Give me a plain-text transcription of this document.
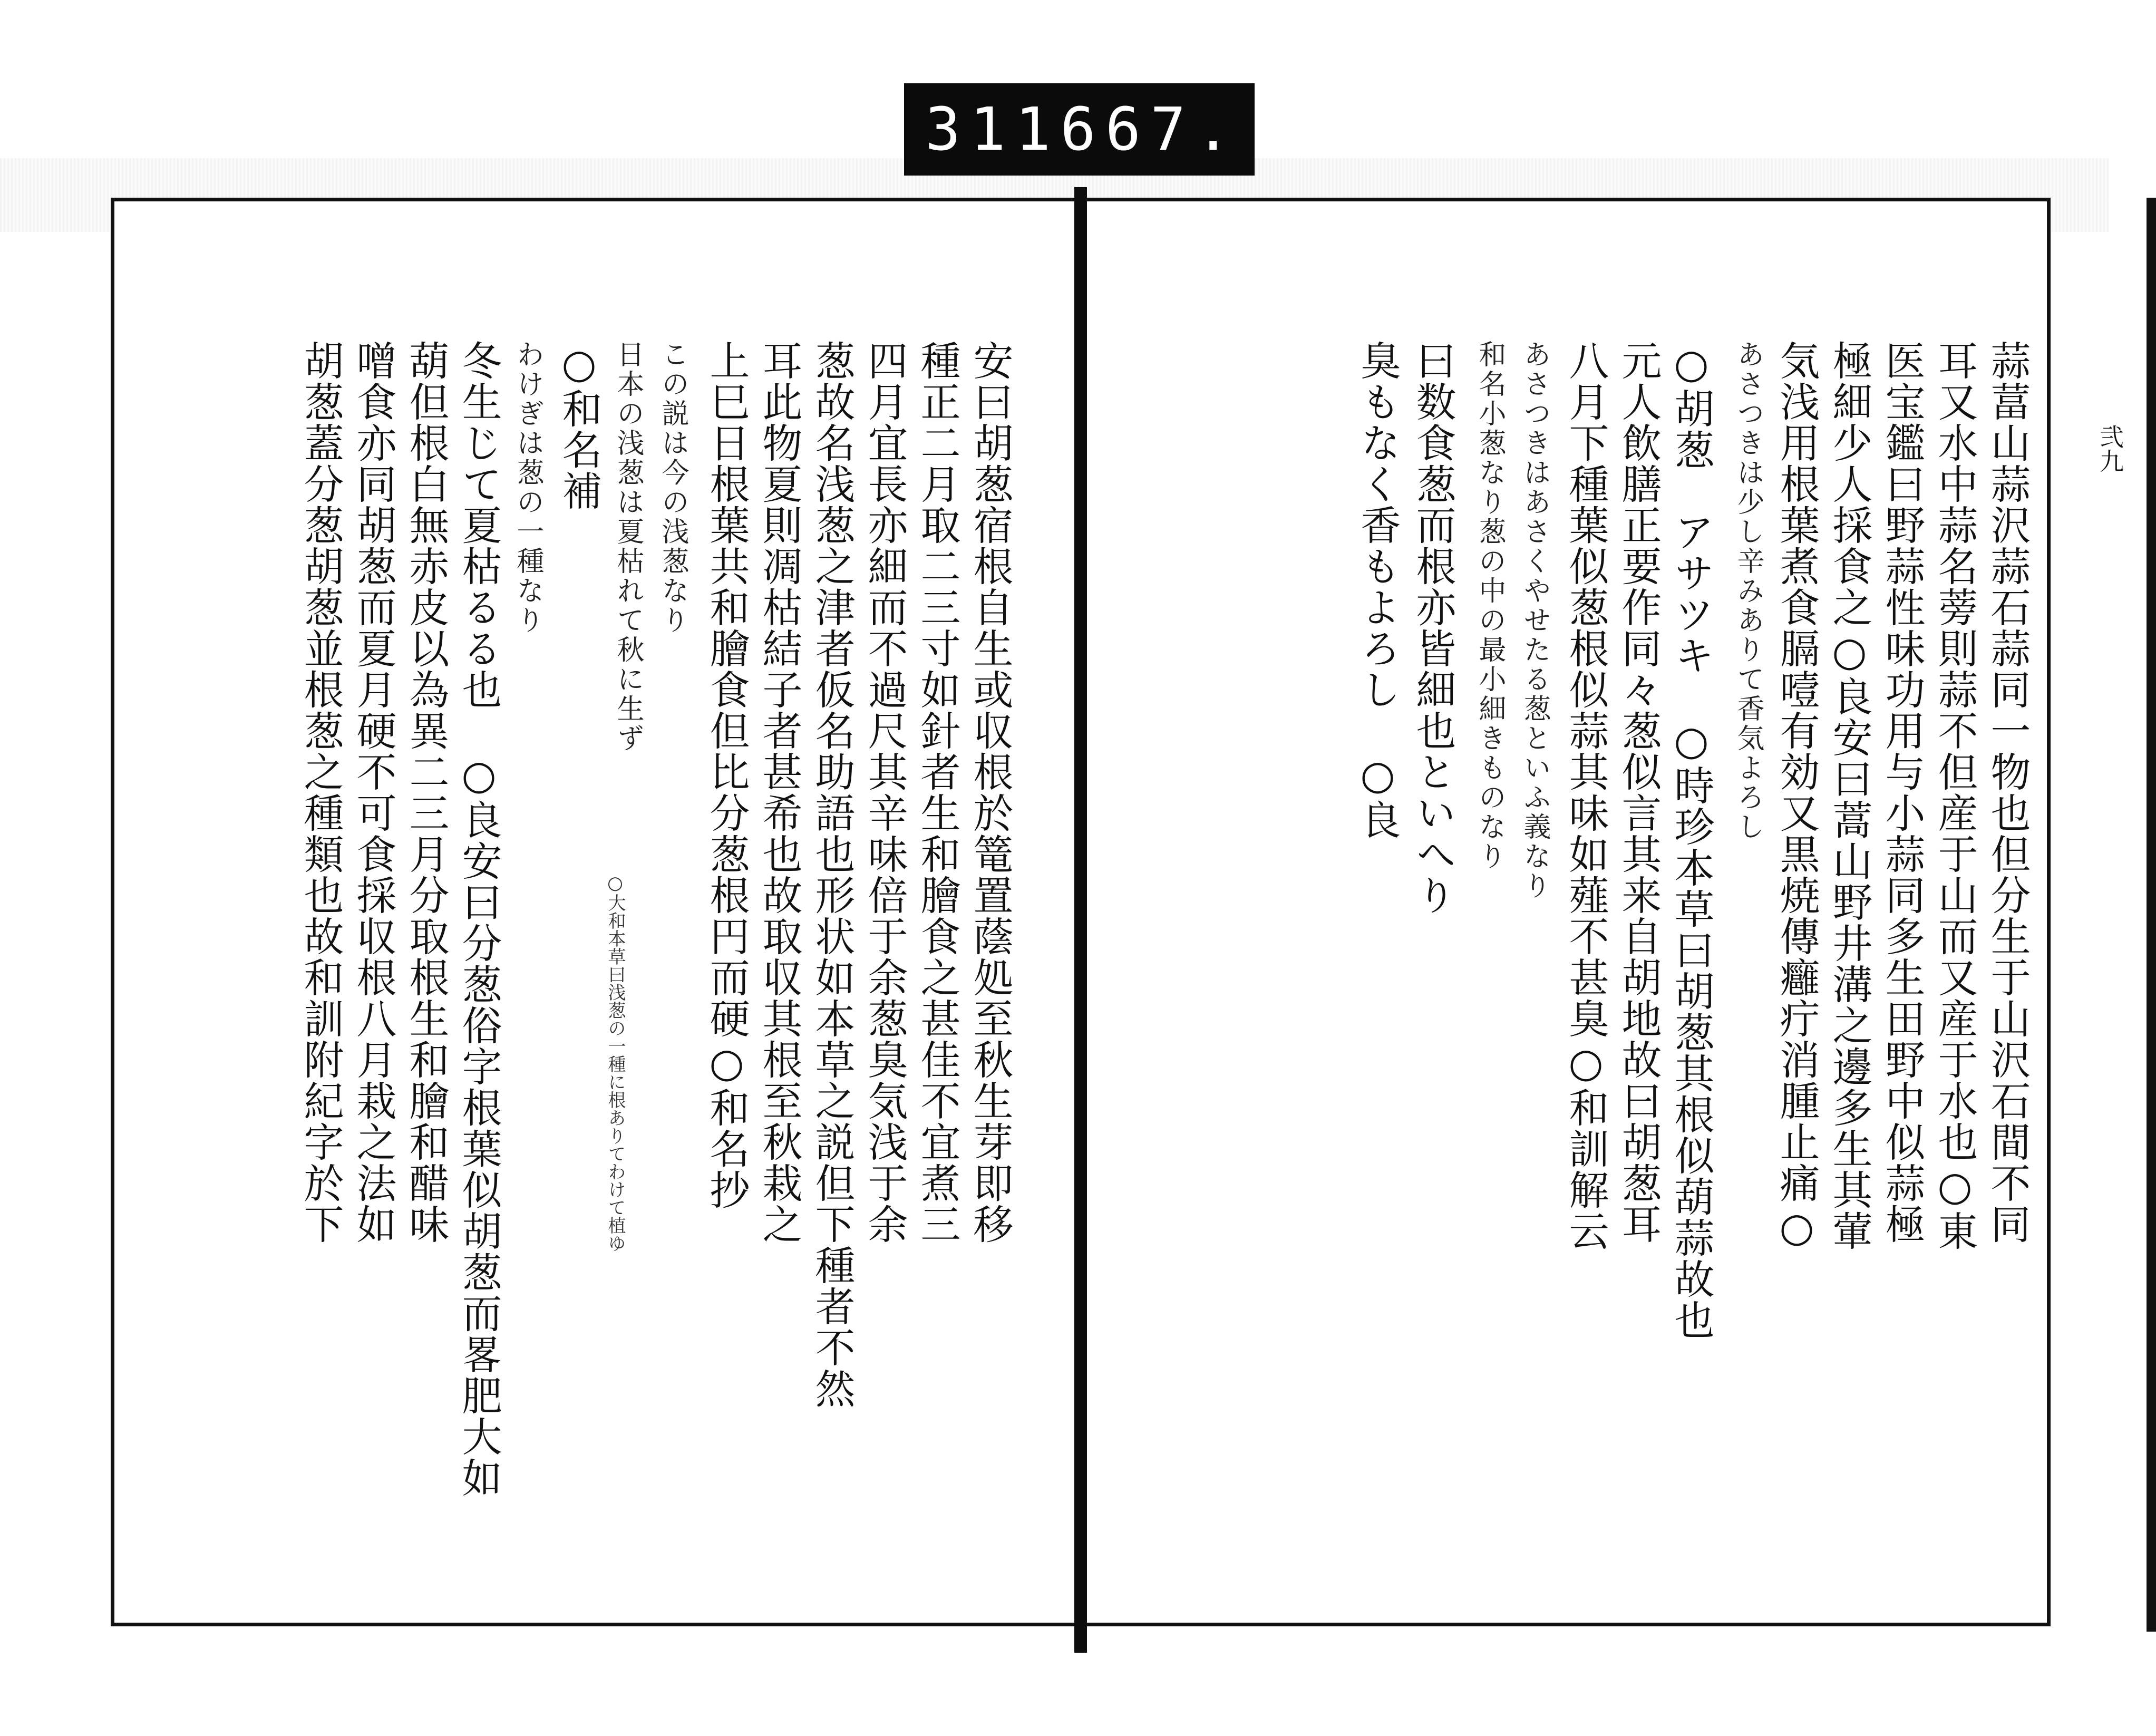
311 667.
弐九
蒜葍山蒜沢蒜石蒜同一物也但分生于山沢石間不同
耳又水中蒜名蒡則蒜不但産于山而又産于水也○東
医宝鑑曰野蒜性味功用与小蒜同多生田野中似蒜極
極細少人採食之○良安曰蒿山野井溝之邊多生其葷
気浅用根葉煮食膈噎有効又黒焼傳癰疔消腫止痛○
あさつきは少し辛みありて香気よろし
○胡葱　アサツキ　○時珍本草曰胡葱其根似葫蒜故也
元人飲膳正要作同々葱似言其来自胡地故曰胡葱耳
八月下種葉似葱根似蒜其味如薤不甚臭○和訓解云
あさつきはあさくやせたる葱といふ義なり
和名小葱なり葱の中の最小細きものなり
曰数食葱而根亦皆細也といへり
臭もなく香もよろし　○良
安曰胡葱宿根自生或収根於篭置蔭処至秋生芽即移
種正二月取二三寸如針者生和膾食之甚佳不宜煮三
四月宜長亦細而不過尺其辛味倍于余葱臭気浅于余
葱故名浅葱之津者仮名助語也形状如本草之説但下種者不然
耳此物夏則凋枯結子者甚希也故取収其根至秋栽之
上巳日根葉共和膾食但比分葱根円而硬○和名抄
この説は今の浅葱なり
日本の浅葱は夏枯れて秋に生ず
○和名補
わけぎは葱の一種なり
冬生じて夏枯るる也　○良安曰分葱俗字根葉似胡葱而畧肥大如
葫但根白無赤皮以為異二三月分取根生和膾和醋味
噌食亦同胡葱而夏月硬不可食採収根八月栽之法如
胡葱蓋分葱胡葱並根葱之種類也故和訓附紀字於下	○大和本草曰浅葱の一種に根ありてわけて植ゆ
